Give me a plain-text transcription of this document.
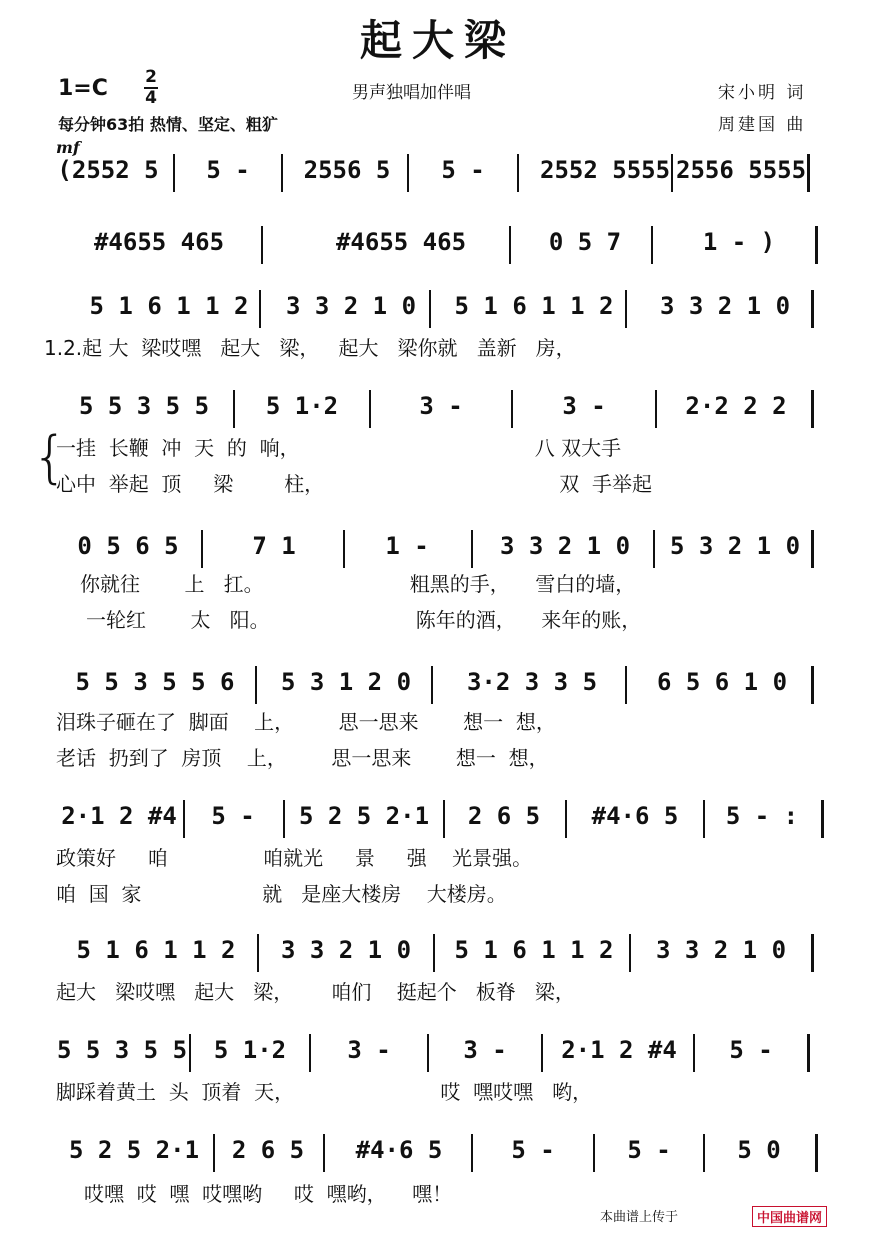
起大梁
1=C 2
4
每分钟63拍 热情、坚定、粗犷
男声独唱加伴唱	宋小明 词
周建国 曲
mf
(2552 5	5 -	2556 5	5 -	2552 5555 2556 5555
#4655 465	#4655 465	0 5 7	1 - )
5 1 6 1 1 2	3 3 2 1 0	5 1 6 1 1 2	3 3 2 1 0
1.2.起 大  梁哎嘿   起大   梁，   起大   梁你就   盖新   房，
5 5 3 5 5	5 1·2	3 -	3 -	2·2 2 2
一挂  长鞭  冲  天  的  响，                                     八 双大手
心中  举起  顶     梁        柱，                                     双  手举起
0 5 6 5	7 1	1 -	3 3 2 1 0	5 3 2 1 0
你就往       上   扛。                       粗黑的手，    雪白的墙，
一轮红       太   阳。                       陈年的酒，    来年的账，
5 5 3 5 5 6	5 3 1 2 0	3·2 3 3 5	6 5 6 1 0
泪珠子砸在了  脚面    上，       思一思来       想一  想，
老话  扔到了  房顶    上，       思一思来       想一  想，
2·1 2 #4	5 -	5 2 5 2·1	2 6 5	#4·6 5	5 - :
政策好     咱               咱就光     景     强    光景强。
咱  国  家                   就   是座大楼房    大楼房。
5 1 6 1 1 2	3 3 2 1 0	5 1 6 1 1 2	3 3 2 1 0
起大   梁哎嘿   起大   梁，      咱们    挺起个   板脊   梁，
5 5 3 5 5	5 1·2	3 -	3 -	2·1 2 #4	5 -
脚踩着黄土  头  顶着  天，                       哎  嘿哎嘿   哟，
5 2 5 2·1	2 6 5	#4·6 5	5 -	5 -	5 0
哎嘿  哎  嘿  哎嘿哟     哎  嘿哟，    嘿！
{
本曲谱上传于	中国曲谱网
